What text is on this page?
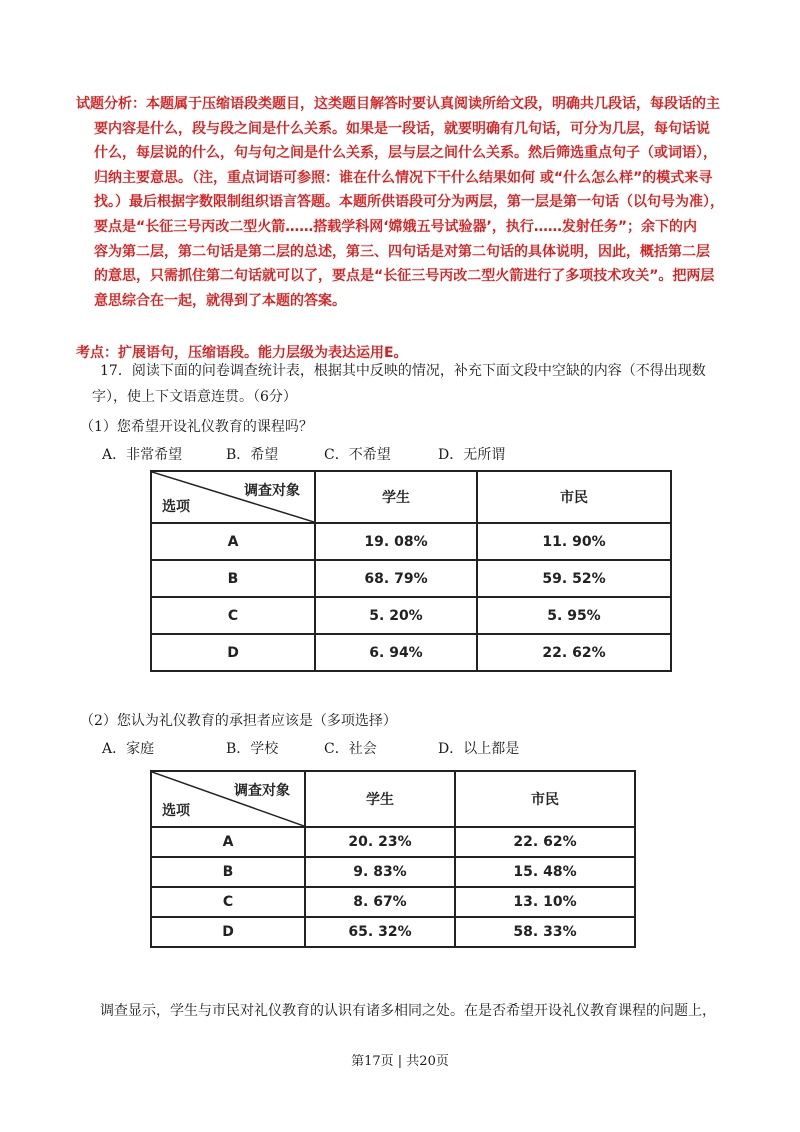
试题分析：本题属于压缩语段类题目，这类题目解答时要认真阅读所给文段，明确共几段话，每段话的主

要内容是什么，段与段之间是什么关系。如果是一段话，就要明确有几句话，可分为几层，每句话说

什么，每层说的什么，句与句之间是什么关系，层与层之间什么关系。然后筛选重点句子（或词语），

归纳主要意思。（注，重点词语可参照：谁在什么情况下干什么结果如何 或“什么怎么样”的模式来寻

找。）最后根据字数限制组织语言答题。本题所供语段可分为两层，第一层是第一句话（以句号为准），

要点是“长征三号丙改二型火箭……搭载学科网‘嫦娥五号试验器’，执行……发射任务”；余下的内

容为第二层，第二句话是第二层的总述，第三、四句话是对第二句话的具体说明，因此，概括第二层

的意思，只需抓住第二句话就可以了，要点是“长征三号丙改二型火箭进行了多项技术攻关”。把两层

意思综合在一起，就得到了本题的答案。

考点：扩展语句，压缩语段。能力层级为表达运用E。
17．阅读下面的问卷调查统计表，根据其中反映的情况，补充下面文段中空缺的内容（不得出现数
字），使上下文语意连贯。（6分）
（1）您希望开设礼仪教育的课程吗？
A．非常希望	B．希望	C．不希望	D．无所谓
调查对象
选项	学生	市民
A	19. 08%	11. 90%
B	68. 79%	59. 52%
C	5. 20%	5. 95%
D	6. 94%	22. 62%
（2）您认为礼仪教育的承担者应该是（多项选择）
A．家庭	B．学校	C．社会	D．以上都是
调查对象
选项	学生	市民
A	20. 23%	22. 62%
B	9. 83%	15. 48%
C	8. 67%	13. 10%
D	65. 32%	58. 33%
调查显示，学生与市民对礼仪教育的认识有诸多相同之处。在是否希望开设礼仪教育课程的问题上，
第17页 | 共20页
